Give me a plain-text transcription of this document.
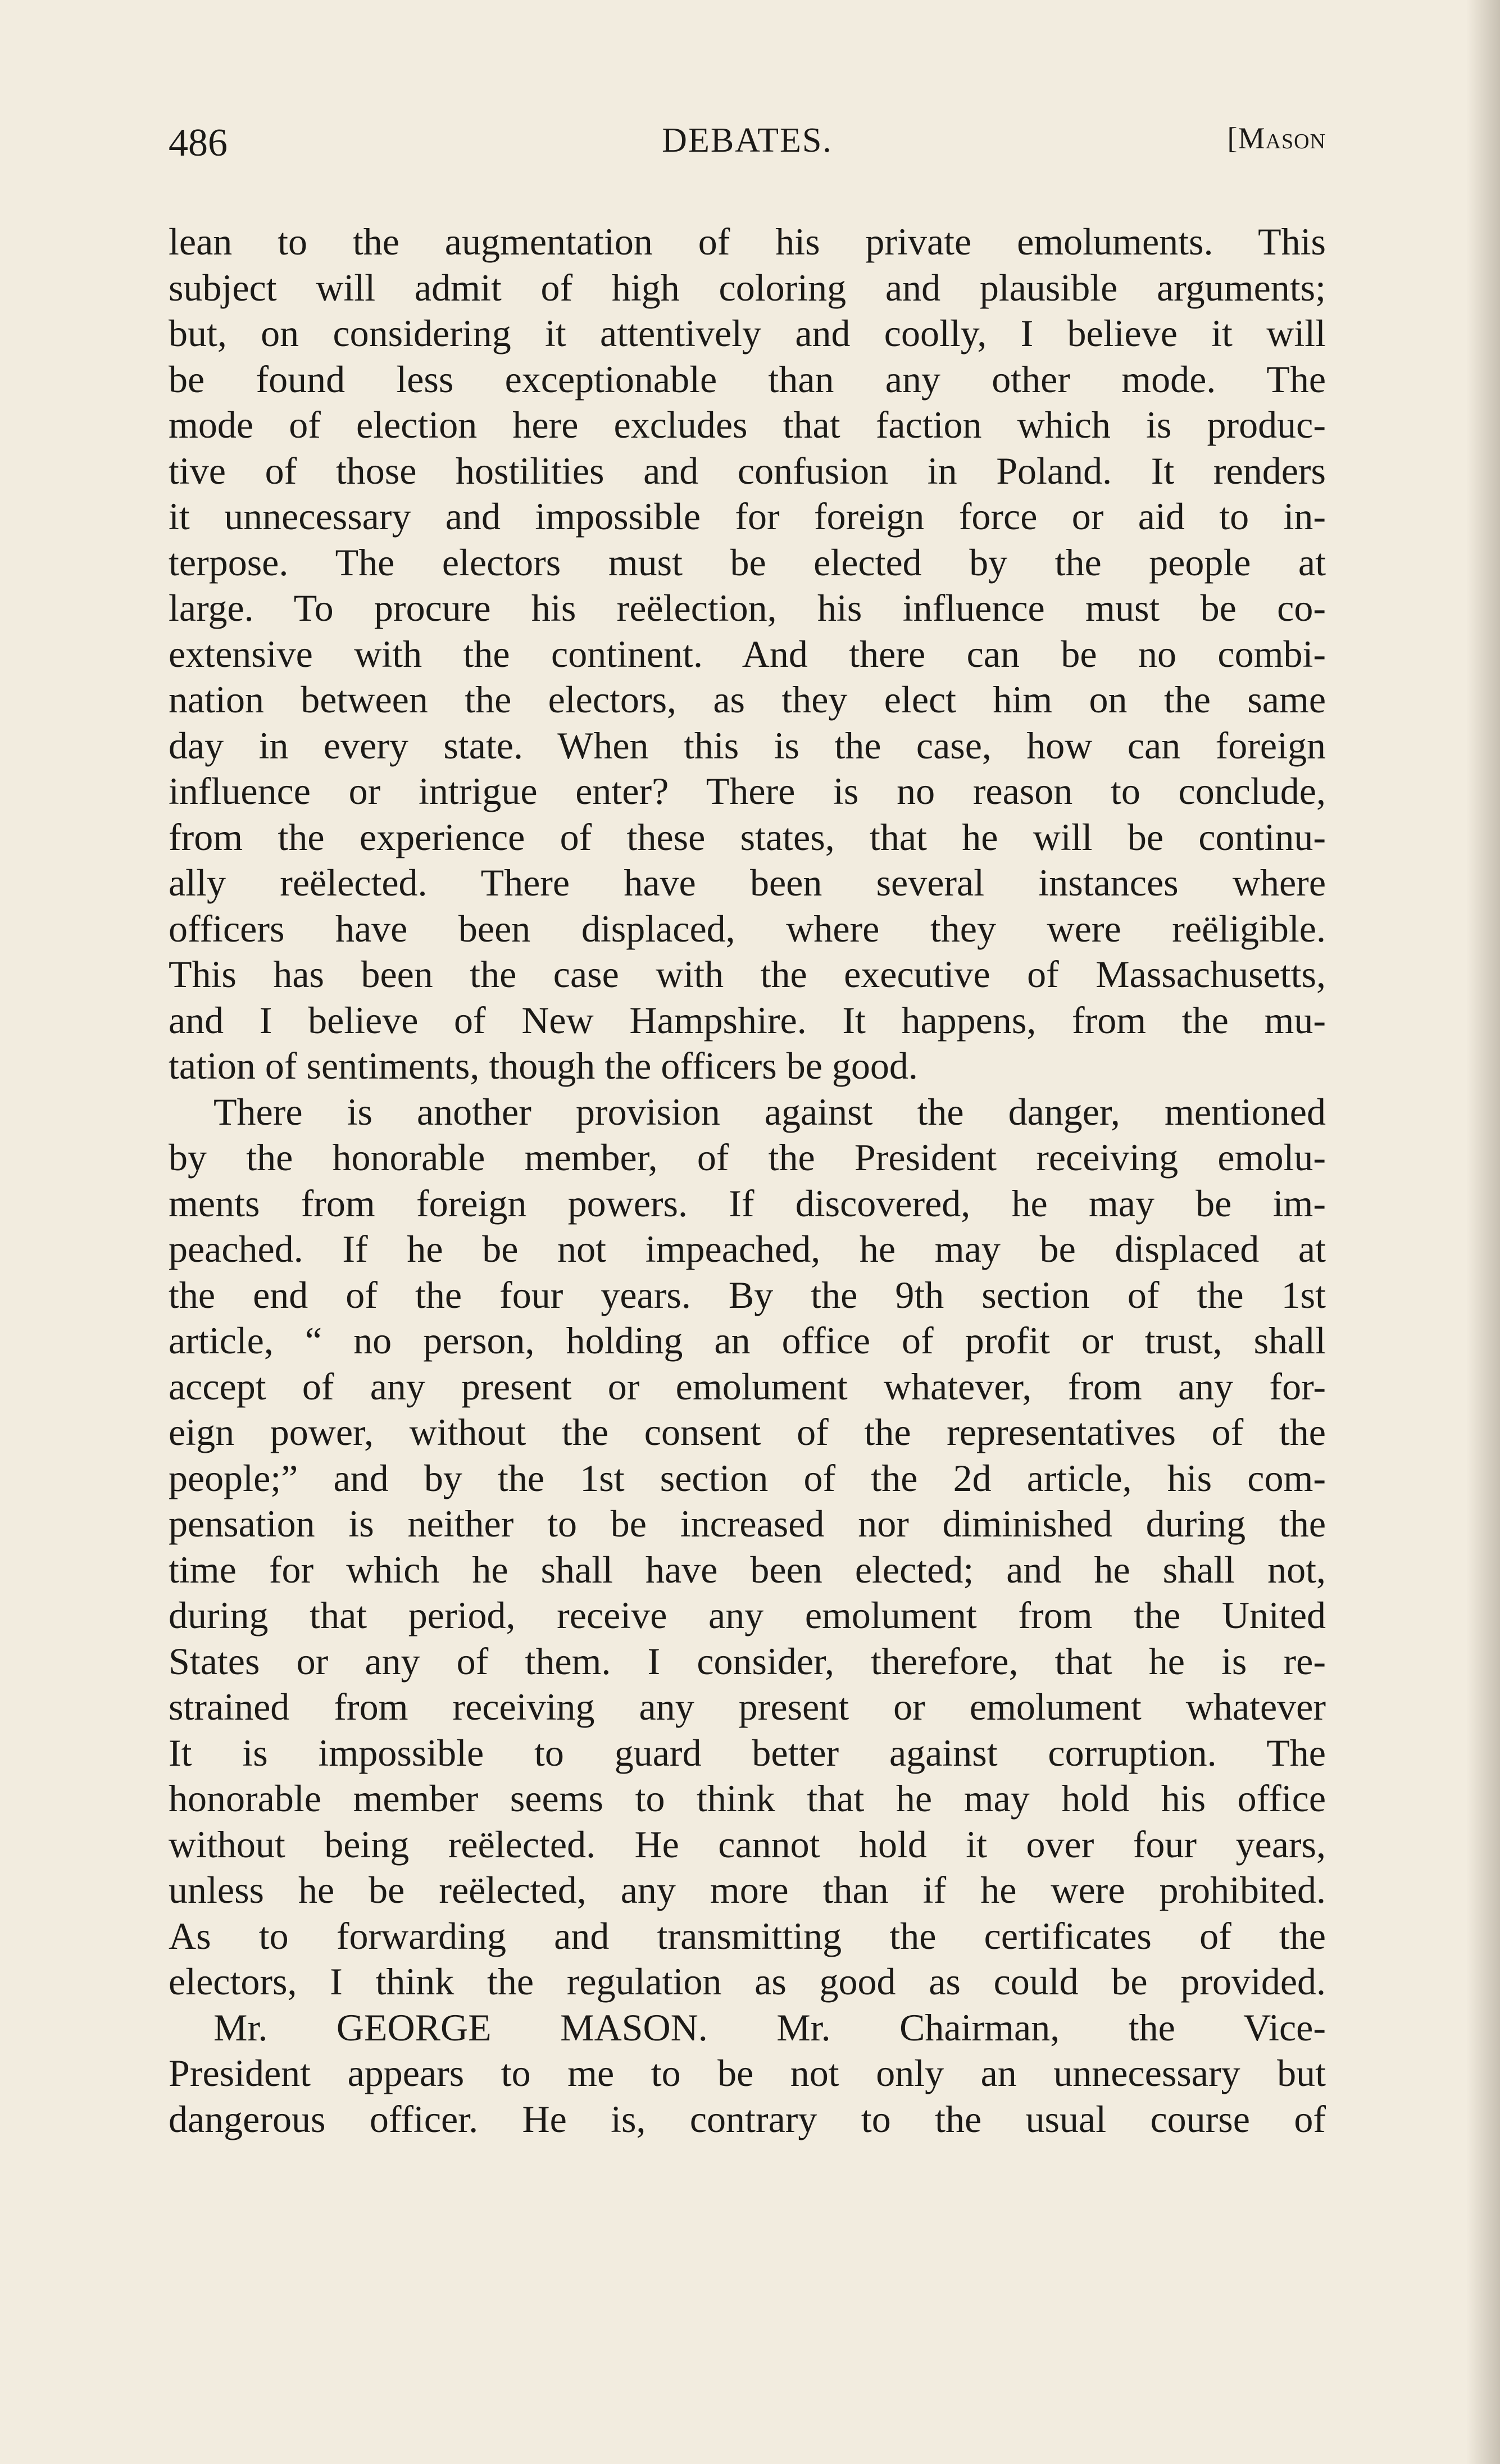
486	DEBATES.	[Mason
lean to the augmentation of his private emoluments. This
subject will admit of high coloring and plausible arguments;
but, on considering it attentively and coolly, I believe it will
be found less exceptionable than any other mode. The
mode of election here excludes that faction which is produc-
tive of those hostilities and confusion in Poland. It renders
it unnecessary and impossible for foreign force or aid to in-
terpose. The electors must be elected by the people at
large. To procure his reëlection, his influence must be co-
extensive with the continent. And there can be no combi-
nation between the electors, as they elect him on the same
day in every state. When this is the case, how can foreign
influence or intrigue enter? There is no reason to conclude,
from the experience of these states, that he will be continu-
ally reëlected. There have been several instances where
officers have been displaced, where they were reëligible.
This has been the case with the executive of Massachusetts,
and I believe of New Hampshire. It happens, from the mu-
tation of sentiments, though the officers be good.
There is another provision against the danger, mentioned
by the honorable member, of the President receiving emolu-
ments from foreign powers. If discovered, he may be im-
peached. If he be not impeached, he may be displaced at
the end of the four years. By the 9th section of the 1st
article, “ no person, holding an office of profit or trust, shall
accept of any present or emolument whatever, from any for-
eign power, without the consent of the representatives of the
people;” and by the 1st section of the 2d article, his com-
pensation is neither to be increased nor diminished during the
time for which he shall have been elected; and he shall not,
during that period, receive any emolument from the United
States or any of them. I consider, therefore, that he is re-
strained from receiving any present or emolument whatever
It is impossible to guard better against corruption. The
honorable member seems to think that he may hold his office
without being reëlected. He cannot hold it over four years,
unless he be reëlected, any more than if he were prohibited.
As to forwarding and transmitting the certificates of the
electors, I think the regulation as good as could be provided.
Mr. GEORGE MASON. Mr. Chairman, the Vice-
President appears to me to be not only an unnecessary but
dangerous officer. He is, contrary to the usual course of
